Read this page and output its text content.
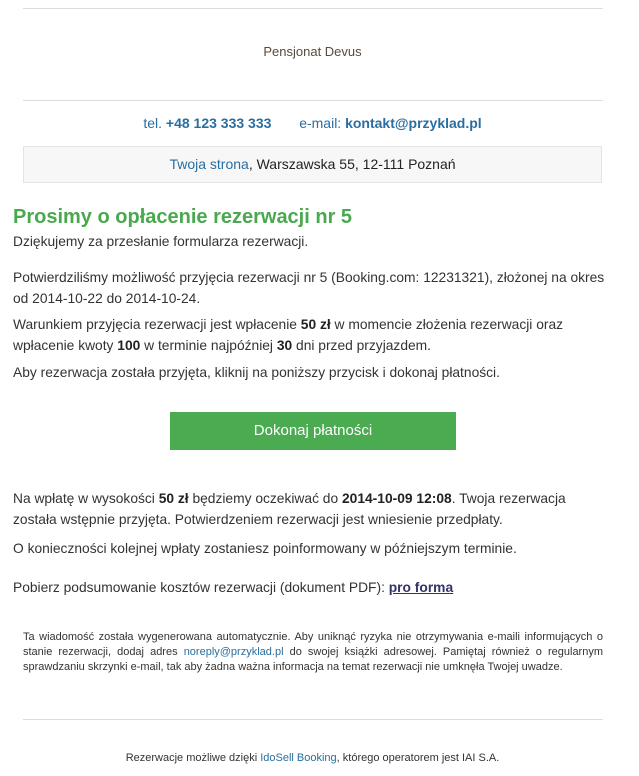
Pensjonat Devus
tel. +48 123 333 333 e-mail: kontakt@przyklad.pl
Twoja strona, Warszawska 55, 12-111 Poznań
Prosimy o opłacenie rezerwacji nr 5
Dziękujemy za przesłanie formularza rezerwacji.
Potwierdziliśmy możliwość przyjęcia rezerwacji nr 5 (Booking.com: 12231321), złożonej na okres od 2014-10-22 do 2014-10-24.
Warunkiem przyjęcia rezerwacji jest wpłacenie 50 zł w momencie złożenia rezerwacji oraz wpłacenie kwoty 100 w terminie najpóźniej 30 dni przed przyjazdem.
Aby rezerwacja została przyjęta, kliknij na poniższy przycisk i dokonaj płatności.
Dokonaj płatności
Na wpłatę w wysokości 50 zł będziemy oczekiwać do 2014-10-09 12:08. Twoja rezerwacja została wstępnie przyjęta. Potwierdzeniem rezerwacji jest wniesienie przedpłaty.
O konieczności kolejnej wpłaty zostaniesz poinformowany w późniejszym terminie.
Pobierz podsumowanie kosztów rezerwacji (dokument PDF): pro forma
Ta wiadomość została wygenerowana automatycznie. Aby uniknąć ryzyka nie otrzymywania e-maili informujących o stanie rezerwacji, dodaj adres noreply@przyklad.pl do swojej książki adresowej. Pamiętaj również o regularnym sprawdzaniu skrzynki e-mail, tak aby żadna ważna informacja na temat rezerwacji nie umknęła Twojej uwadze.
Rezerwacje możliwe dzięki IdoSell Booking, którego operatorem jest IAI S.A.
